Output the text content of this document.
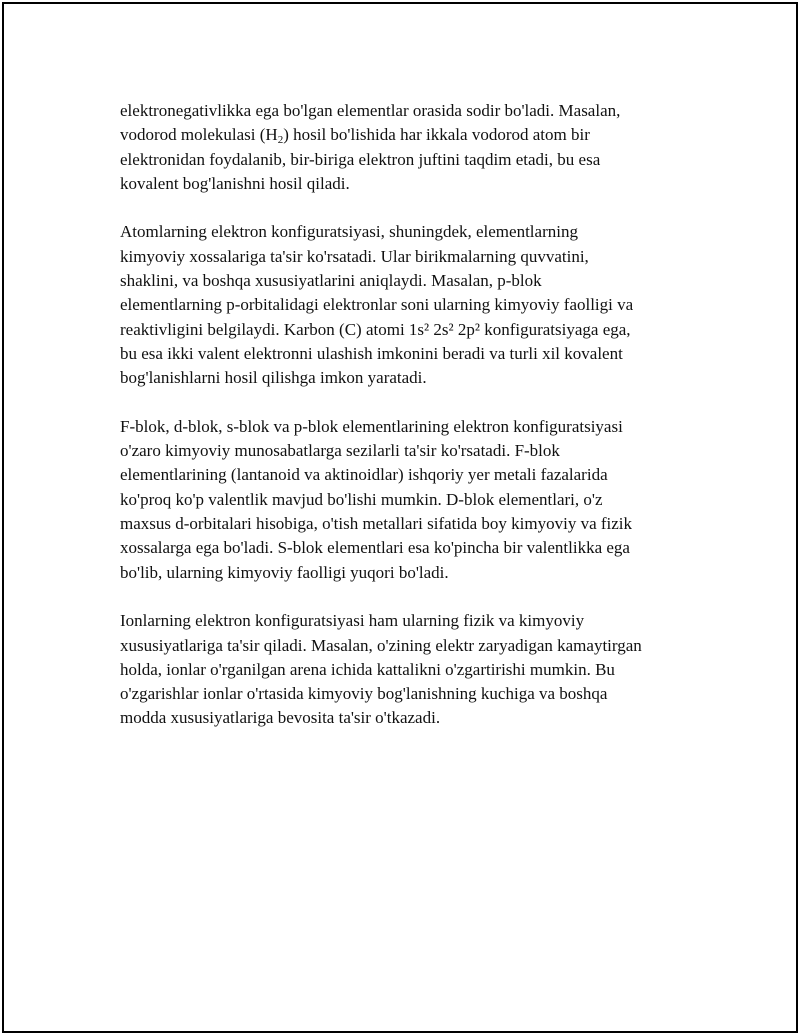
elektronegativlikka ega bo'lgan elementlar orasida sodir bo'ladi. Masalan,
vodorod molekulasi $(H_2)$ hosil bo'lishida har ikkala vodorod atom bir
elektronidan foydalanib, bir-biriga elektron juftini taqdim etadi, bu esa
kovalent bog'lanishni hosil qiladi.

Atomlarning elektron konfiguratsiyasi, shuningdek, elementlarning
kimyoviy xossalariga ta'sir ko'rsatadi. Ular birikmalarning quvvatini,
shaklini, va boshqa xususiyatlarini aniqlaydi. Masalan, p-blok
elementlarning p-orbitalidagi elektronlar soni ularning kimyoviy faolligi va
reaktivligini belgilaydi. Karbon (C) atomi 1s² 2s² 2p² konfiguratsiyaga ega,
bu esa ikki valent elektronni ulashish imkonini beradi va turli xil kovalent
bog'lanishlarni hosil qilishga imkon yaratadi.

F-blok, d-blok, s-blok va p-blok elementlarining elektron konfiguratsiyasi
o'zaro kimyoviy munosabatlarga sezilarli ta'sir ko'rsatadi. F-blok
elementlarining (lantanoid va aktinoidlar) ishqoriy yer metali fazalarida
ko'proq ko'p valentlik mavjud bo'lishi mumkin. D-blok elementlari, o'z
maxsus d-orbitalari hisobiga, o'tish metallari sifatida boy kimyoviy va fizik
xossalarga ega bo'ladi. S-blok elementlari esa ko'pincha bir valentlikka ega
bo'lib, ularning kimyoviy faolligi yuqori bo'ladi.

Ionlarning elektron konfiguratsiyasi ham ularning fizik va kimyoviy
xususiyatlariga ta'sir qiladi. Masalan, o'zining elektr zaryadigan kamaytirgan
holda, ionlar o'rganilgan arena ichida kattalikni o'zgartirishi mumkin. Bu
o'zgarishlar ionlar o'rtasida kimyoviy bog'lanishning kuchiga va boshqa
modda xususiyatlariga bevosita ta'sir o'tkazadi.
